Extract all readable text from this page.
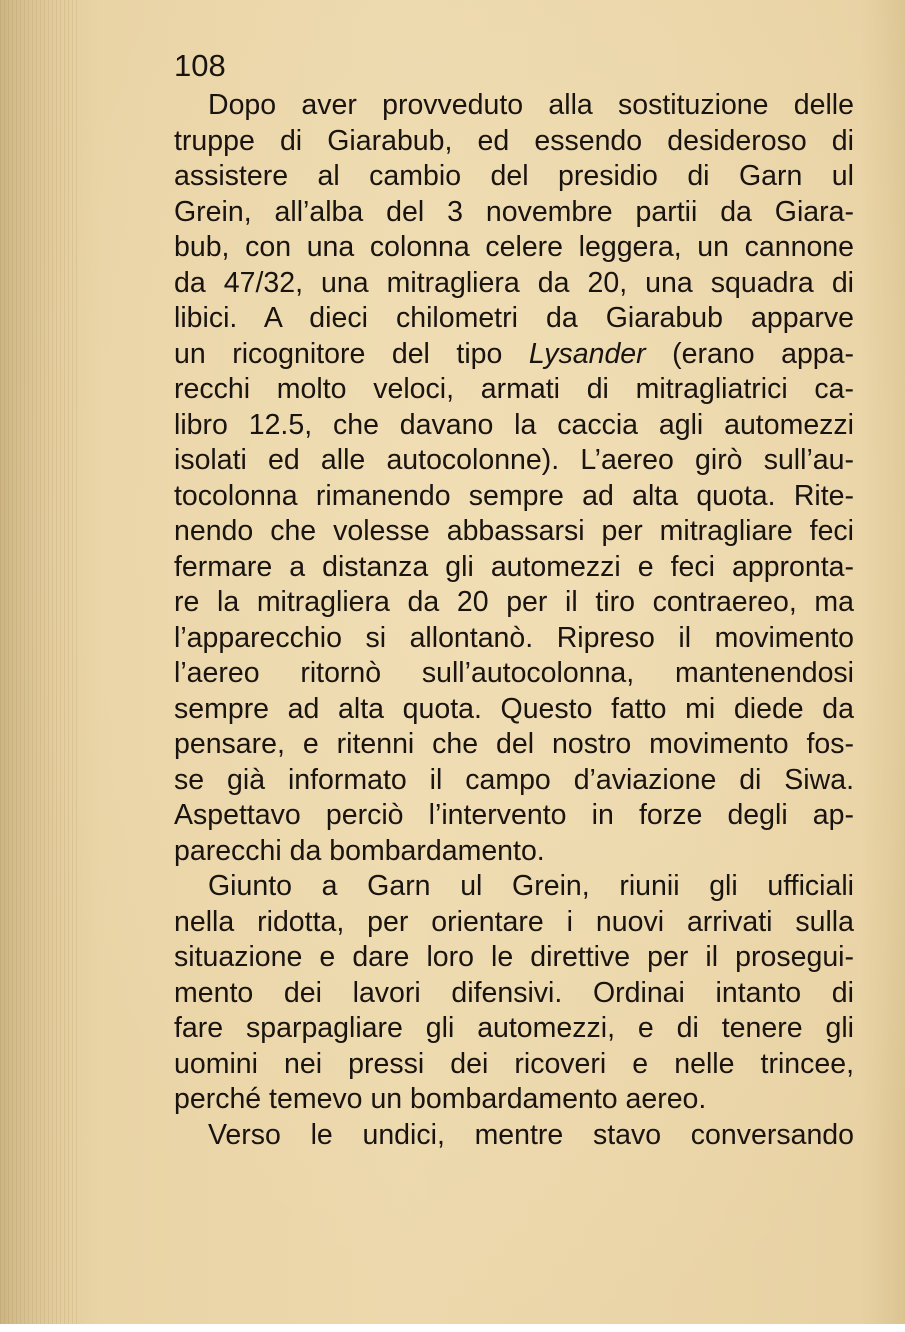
108
Dopo aver provveduto alla sostituzione delle
truppe di Giarabub, ed essendo desideroso di
assistere al cambio del presidio di Garn ul
Grein, all’alba del 3 novembre partii da Giara-
bub, con una colonna celere leggera, un cannone
da 47/32, una mitragliera da 20, una squadra di
libici. A dieci chilometri da Giarabub apparve
un ricognitore del tipo Lysander (erano appa-
recchi molto veloci, armati di mitragliatrici ca-
libro 12.5, che davano la caccia agli automezzi
isolati ed alle autocolonne). L’aereo girò sull’au-
tocolonna rimanendo sempre ad alta quota. Rite-
nendo che volesse abbassarsi per mitragliare feci
fermare a distanza gli automezzi e feci appronta-
re la mitragliera da 20 per il tiro contraereo, ma
l’apparecchio si allontanò. Ripreso il movimento
l’aereo ritornò sull’autocolonna, mantenendosi
sempre ad alta quota. Questo fatto mi diede da
pensare, e ritenni che del nostro movimento fos-
se già informato il campo d’aviazione di Siwa.
Aspettavo perciò l’intervento in forze degli ap-
parecchi da bombardamento.
Giunto a Garn ul Grein, riunii gli ufficiali
nella ridotta, per orientare i nuovi arrivati sulla
situazione e dare loro le direttive per il prosegui-
mento dei lavori difensivi. Ordinai intanto di
fare sparpagliare gli automezzi, e di tenere gli
uomini nei pressi dei ricoveri e nelle trincee,
perché temevo un bombardamento aereo.
Verso le undici, mentre stavo conversando
